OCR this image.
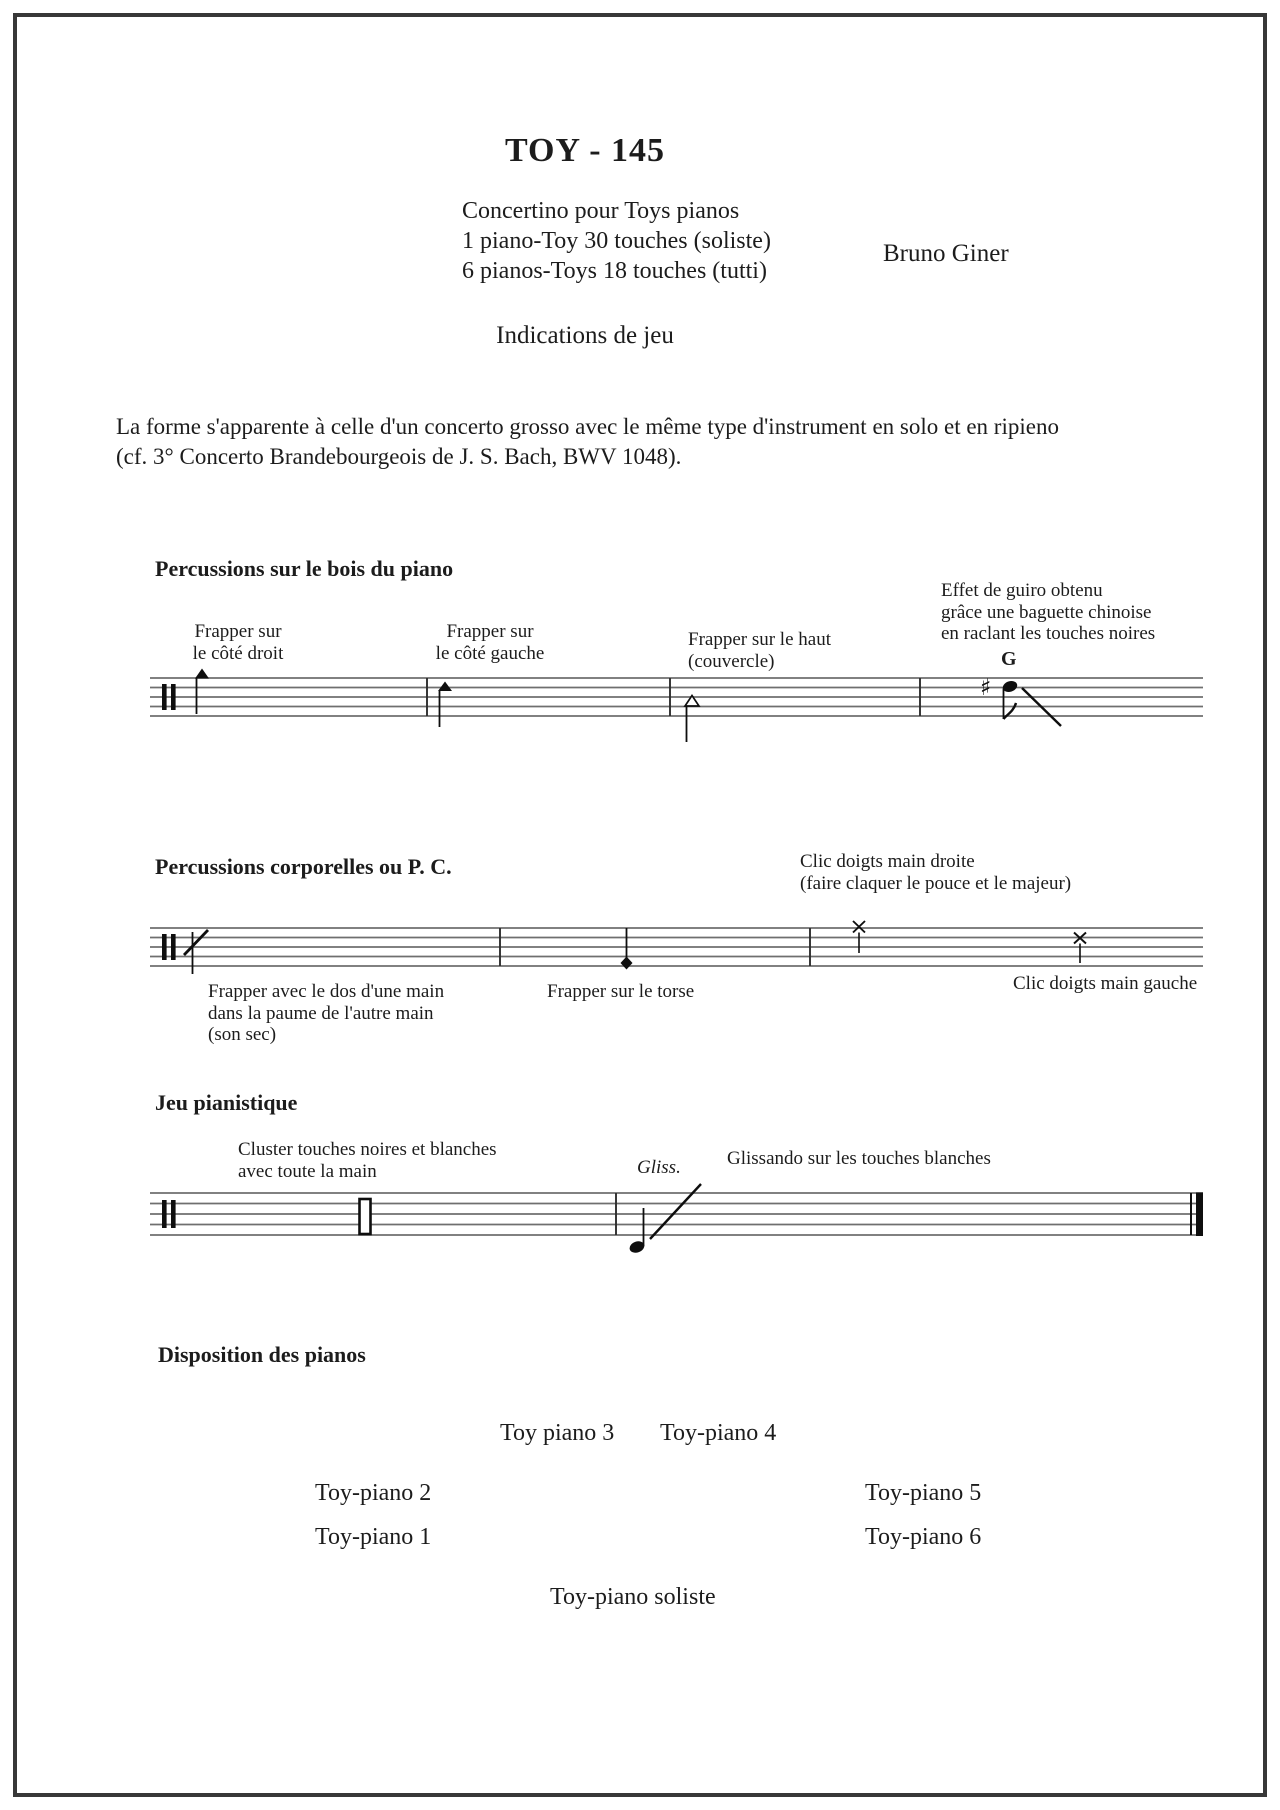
TOY - 145
Concertino pour Toys pianos
1 piano-Toy 30 touches (soliste)
6 pianos-Toys 18 touches (tutti)
Bruno Giner
Indications de jeu
La forme s'apparente à celle d'un concerto grosso avec le même type d'instrument en solo et en ripieno
(cf. 3° Concerto Brandebourgeois de J. S. Bach, BWV 1048).
Percussions sur le bois du piano
Frapper sur
le côté droit
Frapper sur
le côté gauche
Frapper sur le haut
(couvercle)
Effet de guiro obtenu
grâce une baguette chinoise
en raclant les touches noires
G
♯
Percussions corporelles ou P. C.	Clic doigts main droite
(faire claquer le pouce et le majeur)
Frapper avec le dos d'une main
dans la paume de l'autre main
(son sec)
Frapper sur le torse	Clic doigts main gauche
Jeu pianistique
Cluster touches noires et blanches
avec toute la main	Gliss. Glissando sur les touches blanches
Disposition des pianos
Toy piano 3 Toy-piano 4
Toy-piano 2	Toy-piano 5
Toy-piano 1	Toy-piano 6
Toy-piano soliste
